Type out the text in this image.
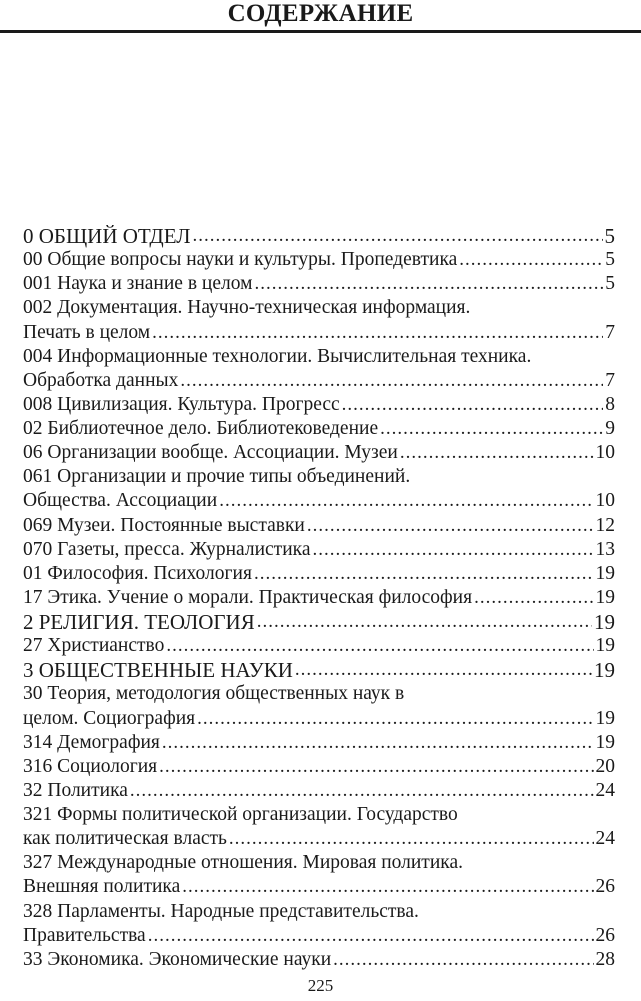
СОДЕРЖАНИЕ
0 ОБЩИЙ ОТДЕЛ .....	5
00 Общие вопросы науки и культуры. Пропедевтика .....	5
001 Наука и знание в целом .....	5
002 Документация. Научно-техническая информация.
Печать в целом .....	7
004 Информационные технологии. Вычислительная техника.
Обработка данных .....	7
008 Цивилизация. Культура. Прогресс .....	8
02 Библиотечное дело. Библиотековедение .....	9
06 Организации вообще. Ассоциации. Музеи .....	10
061 Организации и прочие типы объединений.
Общества. Ассоциации .....	10
069 Музеи. Постоянные выставки .....	12
070 Газеты, пресса. Журналистика .....	13
01 Философия. Психология .....	19
17 Этика. Учение о морали. Практическая философия .....	19
2 РЕЛИГИЯ. ТЕОЛОГИЯ .....	19
27 Христианство .....	19
3 ОБЩЕСТВЕННЫЕ НАУКИ .....	19
30 Теория, методология общественных наук в
целом. Социография .....	19
314 Демография .....	19
316 Социология .....	20
32 Политика .....	24
321 Формы политической организации. Государство
как политическая власть .....	24
327 Международные отношения. Мировая политика.
Внешняя политика .....	26
328 Парламенты. Народные представительства.
Правительства .....	26
33 Экономика. Экономические науки .....	28
225
